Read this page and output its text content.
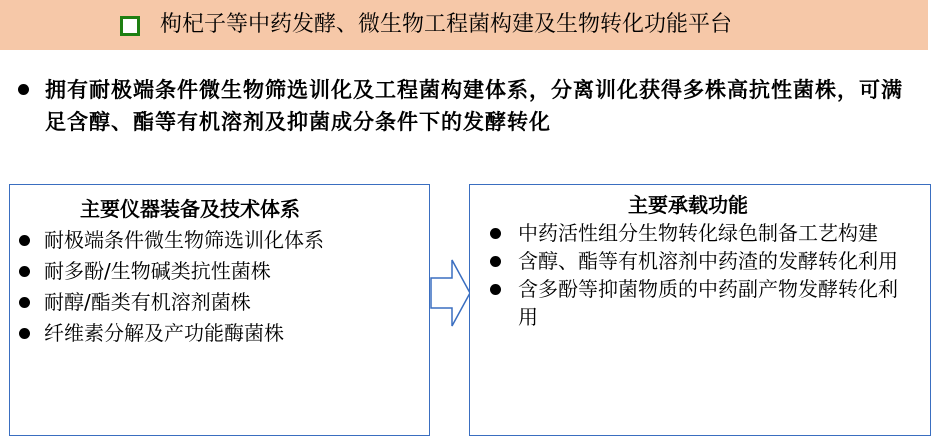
枸杞子等中药发酵、微生物工程菌构建及生物转化功能平台
拥有耐极端条件微生物筛选训化及工程菌构建体系，分离训化获得多株高抗性菌株，可满足含醇、酯等有机溶剂及抑菌成分条件下的发酵转化
主要仪器装备及技术体系
耐极端条件微生物筛选训化体系
耐多酚/生物碱类抗性菌株
耐醇/酯类有机溶剂菌株
纤维素分解及产功能酶菌株
主要承载功能
中药活性组分生物转化绿色制备工艺构建
含醇、酯等有机溶剂中药渣的发酵转化利用
含多酚等抑菌物质的中药副产物发酵转化利用
